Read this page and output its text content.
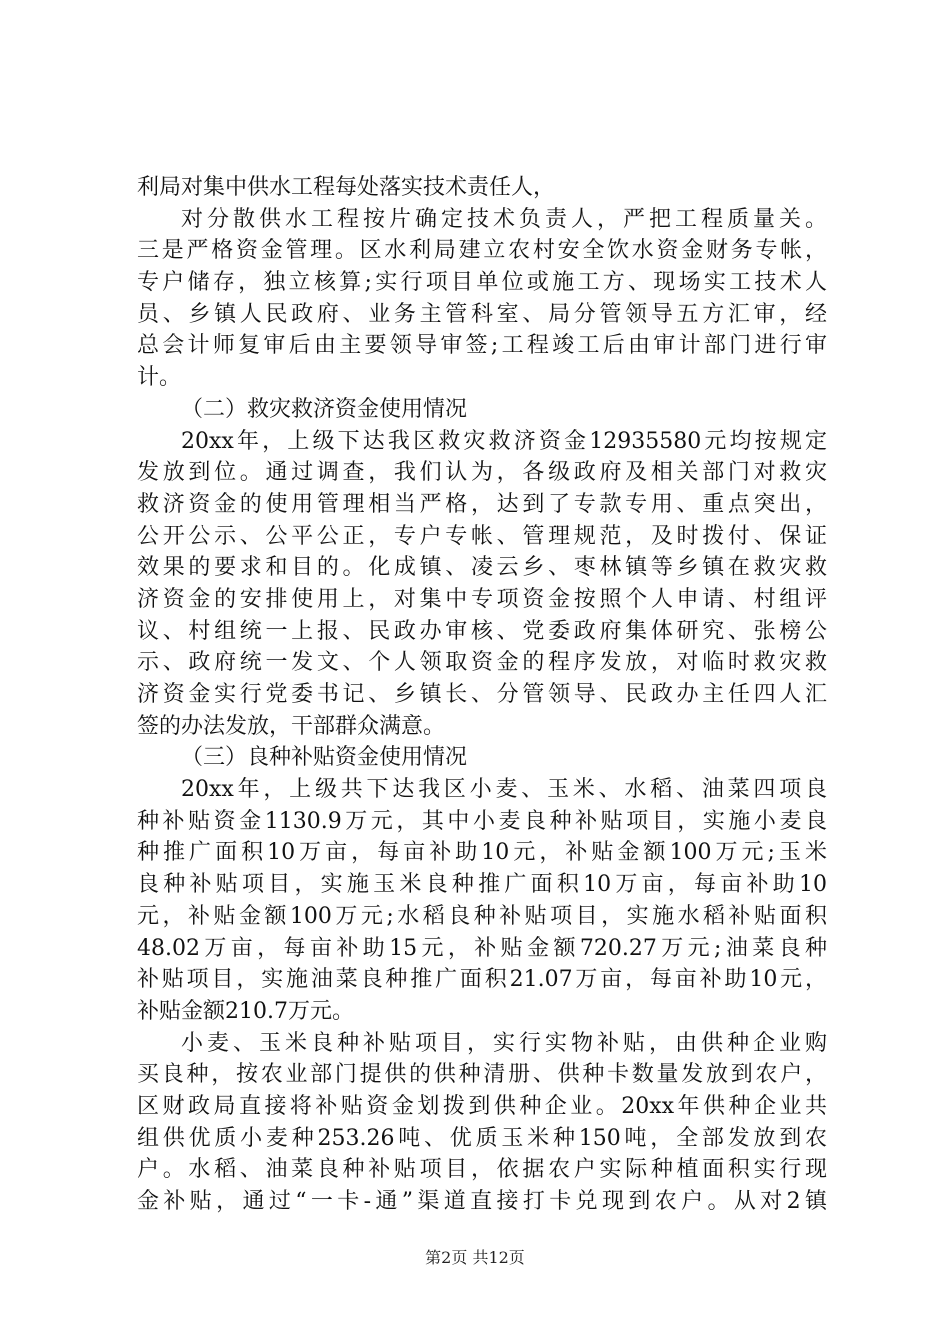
利局对集中供水工程每处落实技术责任人，
对分散供水工程按片确定技术负责人，严把工程质量关。
三是严格资金管理。区水利局建立农村安全饮水资金财务专帐，
专户储存，独立核算;实行项目单位或施工方、现场实工技术人
员、乡镇人民政府、业务主管科室、局分管领导五方汇审，经
总会计师复审后由主要领导审签;工程竣工后由审计部门进行审
计。
（二）救灾救济资金使用情况
20xx年，上级下达我区救灾救济资金12935580元均按规定
发放到位。通过调查，我们认为，各级政府及相关部门对救灾
救济资金的使用管理相当严格，达到了专款专用、重点突出，
公开公示、公平公正，专户专帐、管理规范，及时拨付、保证
效果的要求和目的。化成镇、凌云乡、枣林镇等乡镇在救灾救
济资金的安排使用上，对集中专项资金按照个人申请、村组评
议、村组统一上报、民政办审核、党委政府集体研究、张榜公
示、政府统一发文、个人领取资金的程序发放，对临时救灾救
济资金实行党委书记、乡镇长、分管领导、民政办主任四人汇
签的办法发放，干部群众满意。
（三）良种补贴资金使用情况
20xx年，上级共下达我区小麦、玉米、水稻、油菜四项良
种补贴资金1130.9万元，其中小麦良种补贴项目，实施小麦良
种推广面积10万亩，每亩补助10元，补贴金额100万元;玉米
良种补贴项目，实施玉米良种推广面积10万亩，每亩补助10
元，补贴金额100万元;水稻良种补贴项目，实施水稻补贴面积
48.02万亩，每亩补助15元，补贴金额720.27万元;油菜良种
补贴项目，实施油菜良种推广面积21.07万亩，每亩补助10元，
补贴金额210.7万元。
小麦、玉米良种补贴项目，实行实物补贴，由供种企业购
买良种，按农业部门提供的供种清册、供种卡数量发放到农户，
区财政局直接将补贴资金划拨到供种企业。20xx年供种企业共
组供优质小麦种253.26吨、优质玉米种150吨，全部发放到农
户。水稻、油菜良种补贴项目，依据农户实际种植面积实行现
金补贴，通过“一卡-通”渠道直接打卡兑现到农户。从对2镇
第2页 共12页
